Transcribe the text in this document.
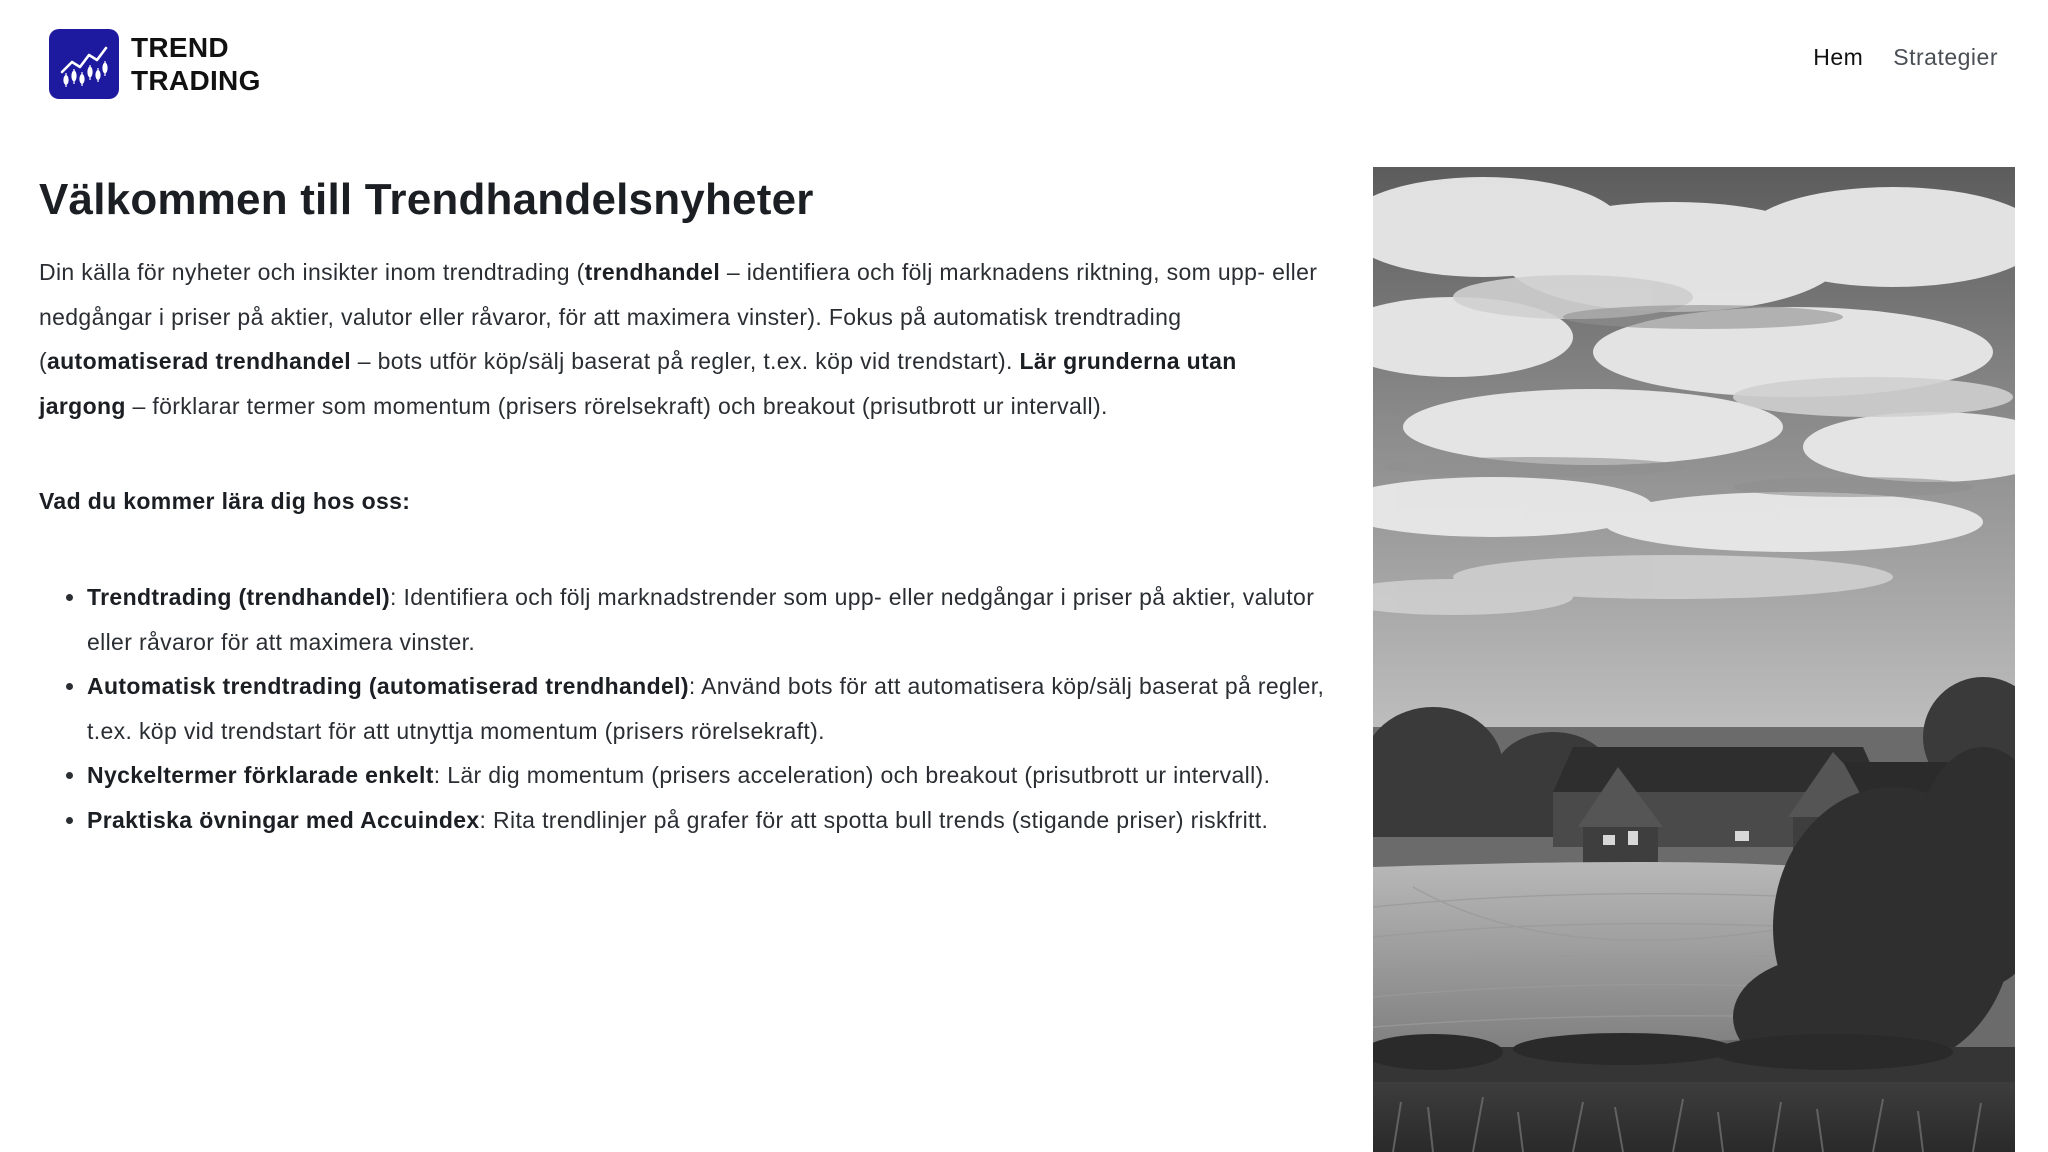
TREND
TRADING
Hem Strategier
Välkommen till Trendhandelsnyheter

Din källa för nyheter och insikter inom trendtrading (trendhandel – identifiera och följ marknadens riktning, som upp- eller nedgångar i priser på aktier, valutor eller råvaror, för att maximera vinster). Fokus på automatisk trendtrading (automatiserad trendhandel – bots utför köp/sälj baserat på regler, t.ex. köp vid trendstart). Lär grunderna utan jargong – förklarar termer som momentum (prisers rörelsekraft) och breakout (prisutbrott ur intervall).

Vad du kommer lära dig hos oss:

• Trendtrading (trendhandel): Identifiera och följ marknadstrender som upp- eller nedgångar i priser på aktier, valutor eller råvaror för att maximera vinster.
• Automatisk trendtrading (automatiserad trendhandel): Använd bots för att automatisera köp/sälj baserat på regler, t.ex. köp vid trendstart för att utnyttja momentum (prisers rörelsekraft).
• Nyckeltermer förklarade enkelt: Lär dig momentum (prisers acceleration) och breakout (prisutbrott ur intervall).
• Praktiska övningar med Accuindex: Rita trendlinjer på grafer för att spotta bull trends (stigande priser) riskfritt.
